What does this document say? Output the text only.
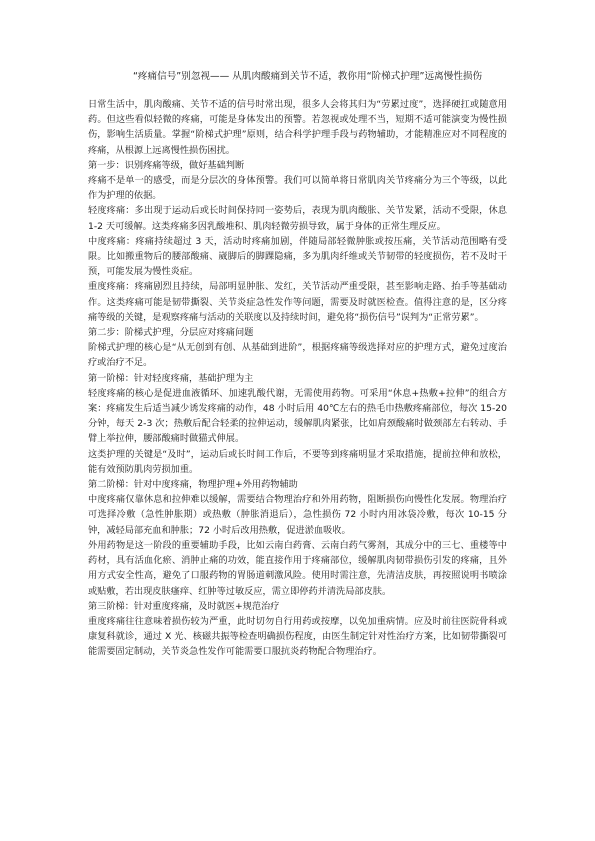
“疼痛信号”别忽视—— 从肌肉酸痛到关节不适，教你用“阶梯式护理”远离慢性损伤

日常生活中，肌肉酸痛、关节不适的信号时常出现，很多人会将其归为“劳累过度”，选择硬扛或随意用药。但这些看似轻微的疼痛，可能是身体发出的预警。若忽视或处理不当，短期不适可能演变为慢性损伤，影响生活质量。掌握“阶梯式护理”原则，结合科学护理手段与药物辅助，才能精准应对不同程度的疼痛，从根源上远离慢性损伤困扰。

第一步：识别疼痛等级，做好基础判断

疼痛不是单一的感受，而是分层次的身体预警。我们可以简单将日常肌肉关节疼痛分为三个等级，以此作为护理的依据。

轻度疼痛：多出现于运动后或长时间保持同一姿势后，表现为肌肉酸胀、关节发紧，活动不受限，休息 1-2 天可缓解。这类疼痛多因乳酸堆积、肌肉轻微劳损导致，属于身体的正常生理反应。

中度疼痛：疼痛持续超过 3 天，活动时疼痛加剧，伴随局部轻微肿胀或按压痛，关节活动范围略有受限。比如搬重物后的腰部酸痛、崴脚后的脚踝隐痛，多为肌肉纤维或关节韧带的轻度损伤，若不及时干预，可能发展为慢性炎症。

重度疼痛：疼痛剧烈且持续，局部明显肿胀、发红，关节活动严重受限，甚至影响走路、抬手等基础动作。这类疼痛可能是韧带撕裂、关节炎症急性发作等问题，需要及时就医检查。值得注意的是，区分疼痛等级的关键，是观察疼痛与活动的关联度以及持续时间，避免将“损伤信号”误判为“正常劳累”。

第二步：阶梯式护理，分层应对疼痛问题

阶梯式护理的核心是“从无创到有创、从基础到进阶”，根据疼痛等级选择对应的护理方式，避免过度治疗或治疗不足。

第一阶梯：针对轻度疼痛，基础护理为主

轻度疼痛的核心是促进血液循环、加速乳酸代谢，无需使用药物。可采用“休息+热敷+拉伸”的组合方案：疼痛发生后适当减少诱发疼痛的动作，48 小时后用 40℃左右的热毛巾热敷疼痛部位，每次 15-20 分钟，每天 2-3 次；热敷后配合轻柔的拉伸运动，缓解肌肉紧张，比如肩颈酸痛时做颈部左右转动、手臂上举拉伸，腰部酸痛时做猫式伸展。

这类护理的关键是“及时”，运动后或长时间工作后，不要等到疼痛明显才采取措施，提前拉伸和放松，能有效预防肌肉劳损加重。

第二阶梯：针对中度疼痛，物理护理+外用药物辅助

中度疼痛仅靠休息和拉伸难以缓解，需要结合物理治疗和外用药物，阻断损伤向慢性化发展。物理治疗可选择冷敷（急性肿胀期）或热敷（肿胀消退后），急性损伤 72 小时内用冰袋冷敷，每次 10-15 分钟，减轻局部充血和肿胀；72 小时后改用热敷，促进淤血吸收。

外用药物是这一阶段的重要辅助手段，比如云南白药膏、云南白药气雾剂，其成分中的三七、重楼等中药材，具有活血化瘀、消肿止痛的功效，能直接作用于疼痛部位，缓解肌肉韧带损伤引发的疼痛，且外用方式安全性高，避免了口服药物的胃肠道刺激风险。使用时需注意，先清洁皮肤，再按照说明书喷涂或贴敷，若出现皮肤瘙痒、红肿等过敏反应，需立即停药并清洗局部皮肤。

第三阶梯：针对重度疼痛，及时就医+规范治疗

重度疼痛往往意味着损伤较为严重，此时切勿自行用药或按摩，以免加重病情。应及时前往医院骨科或康复科就诊，通过 X 光、核磁共振等检查明确损伤程度，由医生制定针对性治疗方案，比如韧带撕裂可能需要固定制动，关节炎急性发作可能需要口服抗炎药物配合物理治疗。
